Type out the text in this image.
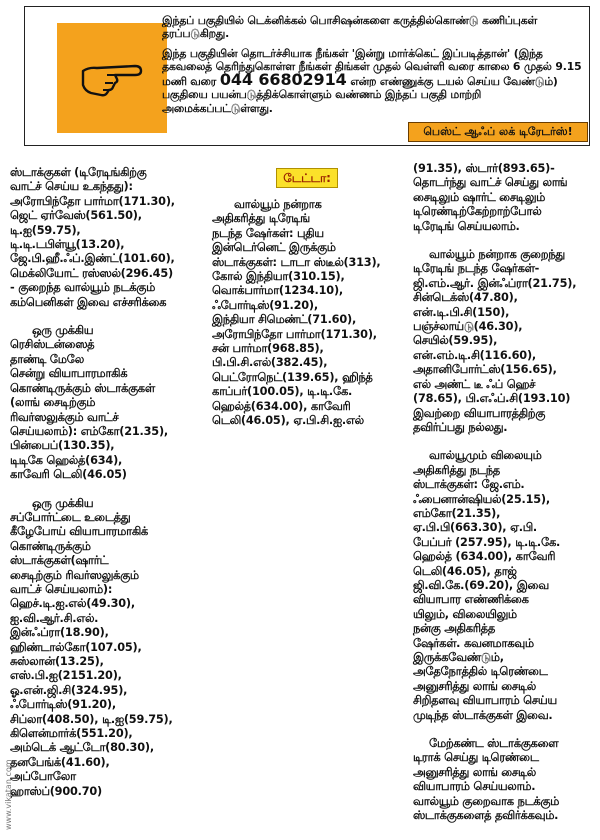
இந்தப் பகுதியில் டெக்னிக்கல் பொசிஷன்களை கருத்தில்கொண்டு கணிப்புகள் தரப்படுகிறது.

இந்த பகுதியின் தொடர்ச்சியாக நீங்கள் 'இன்று மார்க்கெட் இப்படித்தான்' (இந்த தகவலைத் தெரிந்துகொள்ள நீங்கள் திங்கள் முதல் வெள்ளி வரை காலை 6 முதல் 9.15 மணி வரை 044 66802914 என்ற எண்ணுக்கு டயல் செய்ய வேண்டும்) பகுதியை பயன்படுத்திக்கொள்ளும் வண்ணம் இந்தப் பகுதி மாற்றி அமைக்கப்பட்டுள்ளது.

பெஸ்ட் ஆஃப் லக் டிரேடர்ஸ்!

ஸ்டாக்குகள் (டிரேடிங்கிற்கு

வாட்ச் செய்ய உகந்தது):

அரோபிந்தோ பார்மா(171.30),

ஜெட் ஏர்வேஸ்(561.50),

டி.ஐ(59.75),

டி.டி.டபிள்யூ(13.20),

ஜே.பி.ஹீ.ஃப்.இண்ட்(101.60),

மெக்லியோட் ரஸ்ஸல்(296.45)

- குறைந்த வால்யூம் நடக்கும்

கம்பெனிகள் இவை எச்சரிக்கை

ஒரு முக்கிய

ரெசிஸ்டன்ஸைத்

தாண்டி மேலே

சென்று வியாபாரமாகிக்

கொண்டிருக்கும் ஸ்டாக்குகள்

(லாங் சைடிற்கும்

ரிவர்ஸலுக்கும் வாட்ச்

செய்யலாம்): எம்கோ(21.35),

பின்பைப்(130.35),

டிடிகே ஹெல்த்(634),

காவேரி டெலி(46.05)

ஒரு முக்கிய

சப்போர்ட்டை உடைத்து

கீழேபோய் வியாபாரமாகிக்

கொண்டிருக்கும்

ஸ்டாக்குகள்(ஷார்ட்

சைடிற்கும் ரிவர்ஸலுக்கும்

வாட்ச் செய்யலாம்):

ஹெச்.டி.ஐ.எல்(49.30),

ஐ.வி.ஆர்.சி.எல்.

இன்ஃப்ரா(18.90),

ஹிண்டால்கோ(107.05),

சுஸ்லான்(13.25),

எஸ்.பி.ஐ(2151.20),

ஓ.என்.ஜி.சி(324.95),

ஃபோர்டிஸ்(91.20),

சிப்லா(408.50), டி.ஐ(59.75),

கிளென்மார்க்(551.20),

அம்டெக் ஆட்டோ(80.30),

தனபேங்க்(41.60),

அப்போலோ

ஹாஸ்ப்(900.70)

டேட்டா:

வால்யூம் நன்றாக

அதிகரித்து டிரேடிங்

நடந்த ஷேர்கள்: புதிய

இன்டெர்னெட் இருக்கும்

ஸ்டாக்குகள்: டாடா ஸ்டீல்(313),

கோல் இந்தியா(310.15),

வொக்பார்மா(1234.10),

ஃபோர்டிஸ்(91.20),

இந்தியா சிமெண்ட்(71.60),

அரோபிந்தோ பார்மா(171.30),

சன் பார்மா(968.85),

பி.பி.சி.எல்(382.45),

பெட்ரோநெட்(139.65), ஹிந்த்

காப்பர்(100.05), டி.டி.கே.

ஹெல்த்(634.00), காவேரி

டெலி(46.05), ஏ.பி.சி.ஐ.எல்

(91.35), ஸ்டார்(893.65)-

தொடர்ந்து வாட்ச் செய்து லாங்

சைடிலும் ஷார்ட் சைடிலும்

டிரெண்டிற்கேற்றாற்போல்

டிரேடிங் செய்யலாம்.

வால்யூம் நன்றாக குறைந்து

டிரேடிங் நடந்த ஷேர்கள்-

ஜி.எம்.ஆர். இன்ஃப்ரா(21.75),

சின்டெக்ஸ்(47.80),

என்.டி.பி.சி(150),

பஞ்ச்லாய்டு(46.30),

செயில்(59.95),

என்.எம்.டி.சி(116.60),

அதானிபோர்ட்ஸ்(156.65),

எல் அண்ட் டீ ஃப் ஹெச்

(78.65), பி.எஃப்.சி(193.10)

இவற்றை வியாபாரத்திற்கு

தவிர்ப்பது நல்லது.

வால்யூமும் விலையும்

அதிகரித்து நடந்த

ஸ்டாக்குகள்: ஜே.எம்.

ஃபைனான்ஷியல்(25.15),

எம்கோ(21.35),

ஏ.பி.பி(663.30), ஏ.பி.

பேப்பர் (257.95), டி.டி.கே.

ஹெல்த் (634.00), காவேரி

டெலி(46.05), தாஜ்

ஜி.வி.கே.(69.20), இவை

வியாபார எண்ணிக்கை

யிலும், விலையிலும்

நன்கு அதிகரித்த

ஷேர்கள். கவனமாகவும்

இருக்கவேண்டும்,

அதேநோத்தில் டிரெண்டை

அனுசரித்து லாங் சைடில்

சிறிதளவு வியாபாரம் செய்ய

முடிந்த ஸ்டாக்குகள் இவை.

மேற்கண்ட ஸ்டாக்குகளை

டிராக் செய்து டிரெண்டை

அனுசரித்து லாங் சைடில்

வியாபாரம் செய்யலாம்.

வால்யூம் குறைவாக நடக்கும்

ஸ்டாக்குகளைத் தவிர்க்கவும்.

www.vikatan.com
